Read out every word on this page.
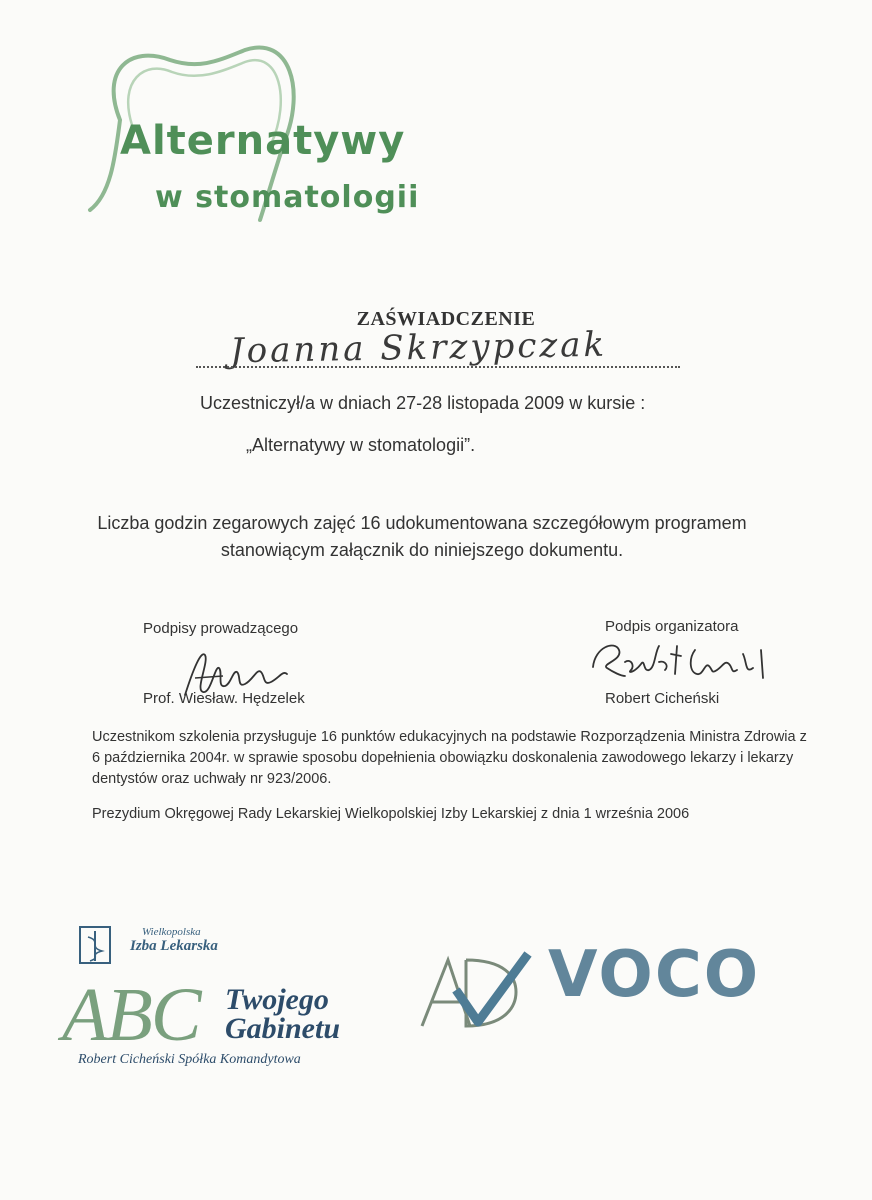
Alternatywy
w stomatologii
ZAŚWIADCZENIE
Joanna Skrzypczak
Uczestniczył/a w dniach 27-28 listopada 2009 w kursie :
„Alternatywy w stomatologii”.
Liczba godzin zegarowych zajęć 16 udokumentowana szczegółowym programem stanowiącym załącznik do niniejszego dokumentu.
Podpisy prowadzącego	Podpis organizatora
Prof. Wiesław. Hędzelek	Robert Cicheński
Uczestnikom szkolenia przysługuje 16 punktów edukacyjnych na podstawie Rozporządzenia Ministra Zdrowia z 6 października 2004r. w sprawie sposobu dopełnienia obowiązku doskonalenia zawodowego lekarzy i lekarzy dentystów oraz uchwały nr 923/2006.
Prezydium Okręgowej Rady Lekarskiej Wielkopolskiej Izby Lekarskiej z dnia 1 września 2006
Wielkopolska
Izba Lekarska
ABC Twojego
Gabinetu
Robert Cicheński Spółka Komandytowa
VOCO
